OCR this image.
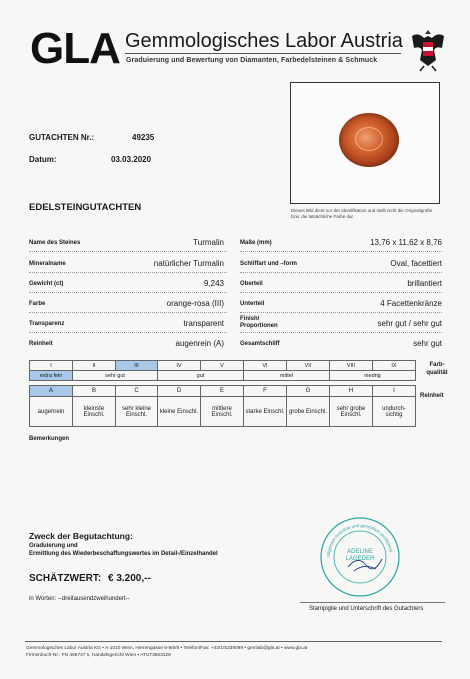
GLA Gemmologisches Labor Austria
Graduierung und Bewertung von Diamanten, Farbedelsteinen & Schmuck
GUTACHTEN Nr.:	49235
Datum:	03.03.2020
Dieses Bild dient nur der Identifikation und stellt nicht die Originalgröße bzw. die tatsächliche Farbe dar.
EDELSTEINGUTACHTEN
Name des Steines	Turmalin
Mineralname	natürlicher Turmalin
Gewicht (ct)	9,243
Farbe	orange-rosa (III)
Transparenz	transparent
Reinheit	augenrein (A)
Maße (mm)	13,76 x 11,62 x 8,76
Schliffart und –form	Oval, facettiert
Oberteil	brillantiert
Unterteil	4 Facettenkränze
Finish/
Proportionen	sehr gut / sehr gut
Gesamtschliff	sehr gut
I	II	III	IV	V	VI	VII	VIII	IX
extra fein	sehr gut		gut		mittel		niedrig	
Farb- qualität
A	B	C	D	E	F	G	H	I
augenrein	kleinste Einschl.	sehr kleine Einschl.	kleine Einschl.	mittlere Einschl.	starke Einschl.	grobe Einschl.	sehr grobe Einschl.	undurch- sichtig
Reinheit
Bemerkungen
Zweck der Begutachtung:
Graduierung und
Ermittlung des Wiederbeschaffungswertes im Detail-/Einzelhandel
SCHÄTZWERT: € 3.200,--
in Worten: --dreitausendzweihundert--
Allgemein beeidete und gerichtlich zertifizierte
ADELINE LAGEDER
Stampiglie und Unterschrift des Gutachters
Gemmologisches Labor Austria KG • A-1010 Wien, Herrengasse 6-8/6/6 • Telefon/Fax: +43/1/5339099 • gemlab@gla.at • www.gla.at
Firmenbuch-Nr.: FN 495747 s, Handelsgericht Wien • ATU73563128
